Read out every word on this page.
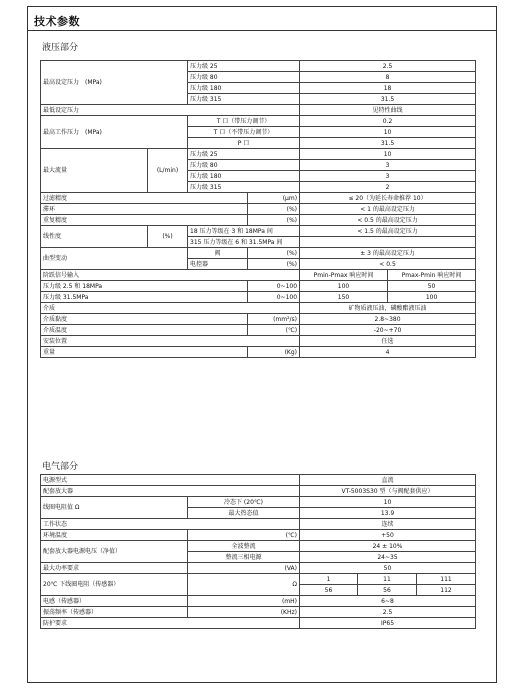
技术参数
液压部分
最高设定压力　(MPa)		压力级 25		2.5	
		压力级 80		8	
		压力级 180		18	
		压力级 315		31.5	
最低设定压力				见特性曲线	
最高工作压力　(MPa)		T 口（带压力调节）		0.2	
		T 口（不带压力调节）		10	
		P 口		31.5	
最大流量	(L/min)	压力级 25		10	
		压力级 80		3	
		压力级 180		3	
		压力级 315		2	
过滤精度			(μm)	≤ 20（为延长寿命推荐 10）	
滞环			(%)	< 1 的最高设定压力	
重复精度			(%)	< 0.5 的最高设定压力	
线性度	(%)	18 压力等级在 3 和 18MPa 间		< 1.5 的最高设定压力	
		315 压力等级在 6 和 31.5MPa 间			
曲型变动		阀	(%)	± 3 的最高设定压力	
		电控器	(%)	< 0.5	
阶跃信号输入				Pmin-Pmax 响应时间	Pmax-Pmin 响应时间
压力级 2.5 和 18MPa			0~100	100	50
压力级 31.5MPa			0~100	150	100
介质				矿物质液压油，磷酸酯液压油	
介质黏度			(mm²/s)	2.8~380	
介质温度			(℃)	-20~+70	
安装位置				任选	
重量			(Kg)	4	
电气部分
电源型式		直流		
配套放大器		VT-5003S30 型（与阀配套供应）		
线圈电阻值 Ω	冷态下 (20℃)	10		
	最大热态值	13.9		
工作状态		连续		
环境温度	(℃)	+50		
配套放大器电源电压（净值）	全波整流	24 ± 10%		
	整流三相电源	24~35		
最大功率要求	(VA)	50		
20℃ 下线圈电阻（传感器）	Ω	1	11	111
		56	56	112
电感（传感器）	(mH)	6~8		
振荡频率（传感器）	(KHz)	2.5		
防护要求		IP65		
